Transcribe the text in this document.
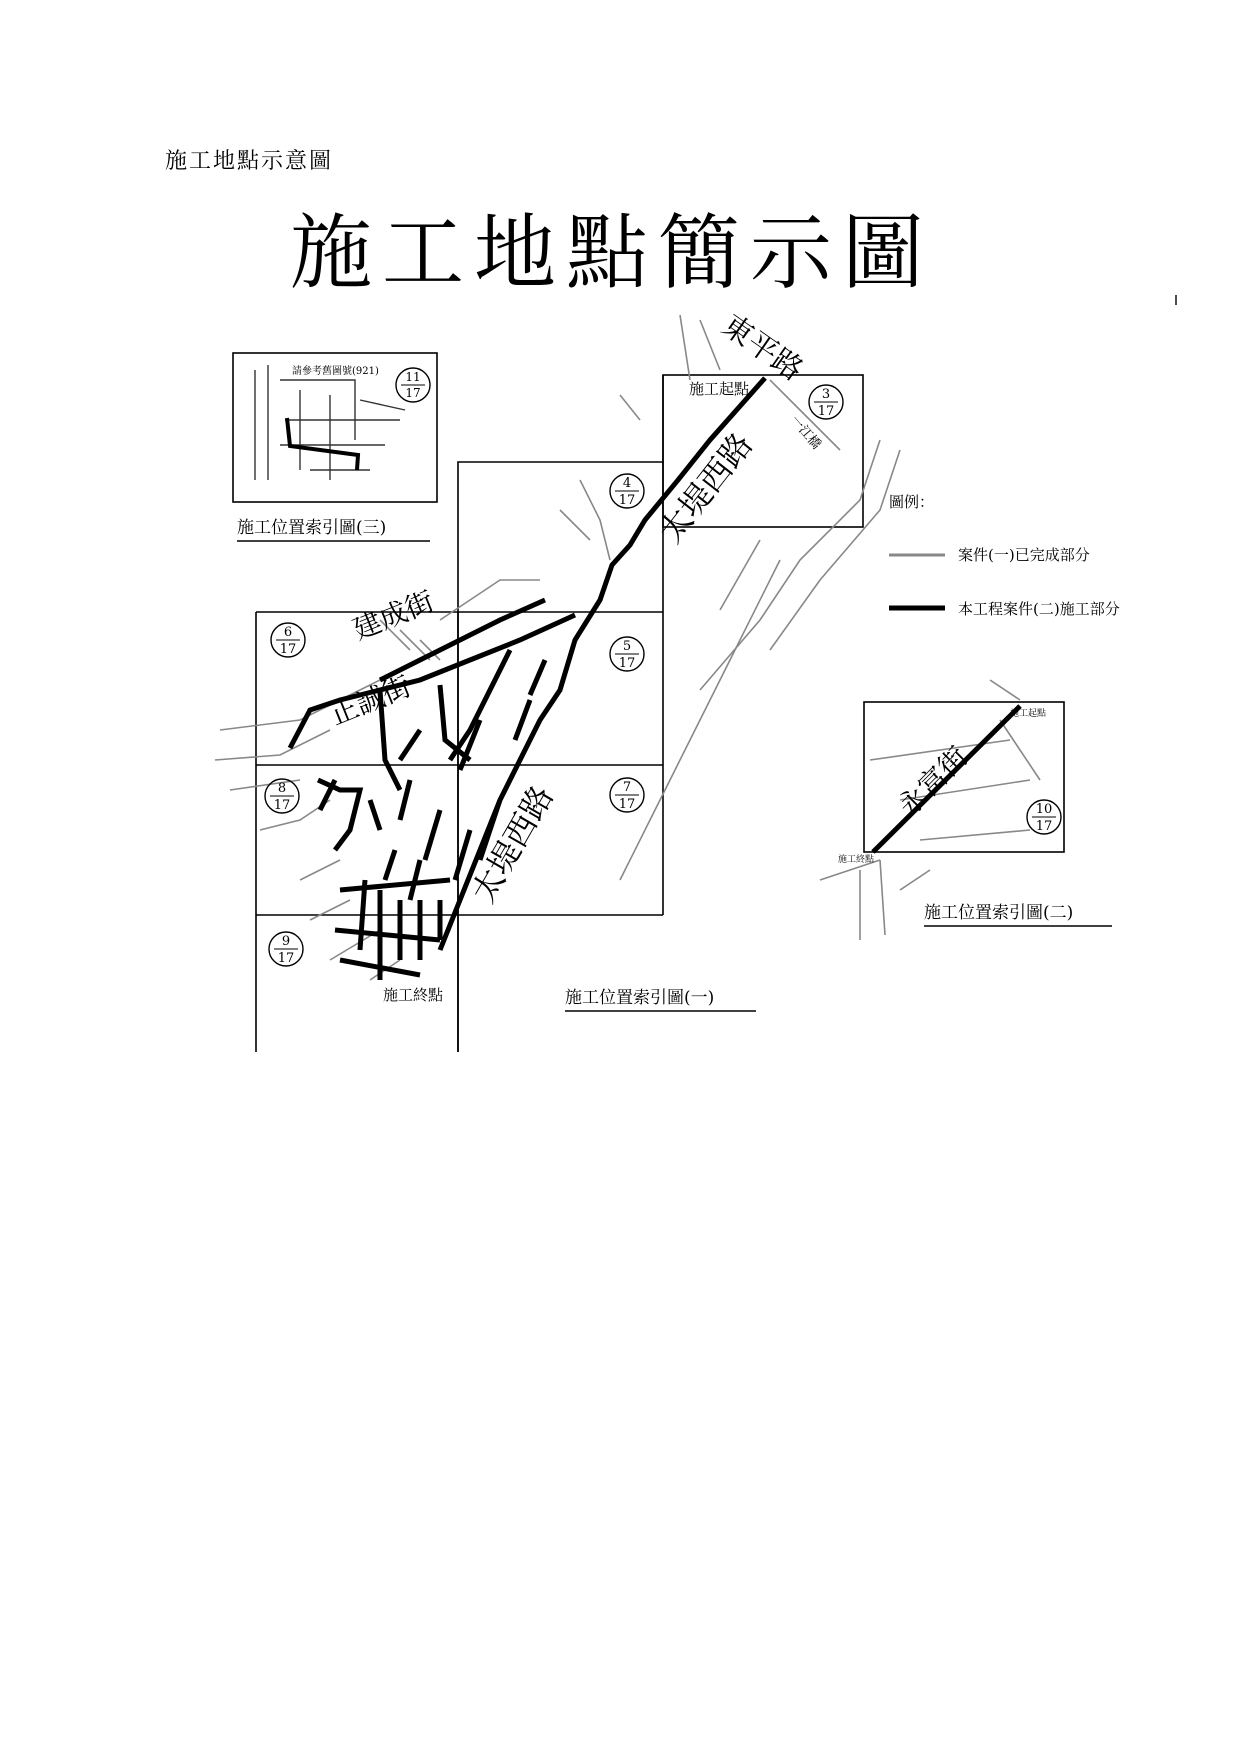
施工地點示意圖
施工地點簡示圖
請參考舊圖號(921) 11
17
施工位置索引圖(三)
3
17
4
17
5
17
6
17
7
17
8
17
9
17
10
17
東平路
太堤西路
太堤西路
建成街
正誠街
永富街
一江橋
施工起點
施工終點
施工起點
施工終點
圖例：
案件(一)已完成部分
本工程案件(二)施工部分
施工位置索引圖(一)
施工位置索引圖(二)
